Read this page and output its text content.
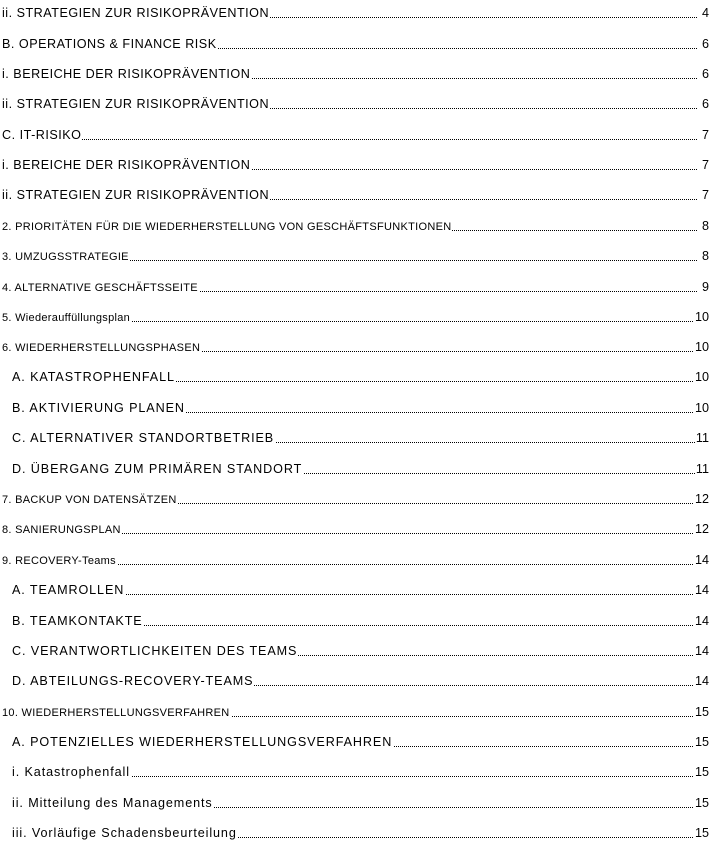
ii. STRATEGIEN ZUR RISIKOPRÄVENTION	4
B. OPERATIONS & FINANCE RISK	6
i. BEREICHE DER RISIKOPRÄVENTION	6
ii. STRATEGIEN ZUR RISIKOPRÄVENTION	6
C. IT-RISIKO	7
i. BEREICHE DER RISIKOPRÄVENTION	7
ii. STRATEGIEN ZUR RISIKOPRÄVENTION	7
2. PRIORITÄTEN FÜR DIE WIEDERHERSTELLUNG VON GESCHÄFTSFUNKTIONEN	8
3. UMZUGSSTRATEGIE	8
4. ALTERNATIVE GESCHÄFTSSEITE	9
5. Wiederauffüllungsplan	10
6. WIEDERHERSTELLUNGSPHASEN	10
A. KATASTROPHENFALL	10
B. AKTIVIERUNG PLANEN	10
C. ALTERNATIVER STANDORTBETRIEB	11
D. ÜBERGANG ZUM PRIMÄREN STANDORT	11
7. BACKUP VON DATENSÄTZEN	12
8. SANIERUNGSPLAN	12
9. RECOVERY-Teams	14
A. TEAMROLLEN	14
B. TEAMKONTAKTE	14
C. VERANTWORTLICHKEITEN DES TEAMS	14
D. ABTEILUNGS-RECOVERY-TEAMS	14
10. WIEDERHERSTELLUNGSVERFAHREN	15
A. POTENZIELLES WIEDERHERSTELLUNGSVERFAHREN	15
i. Katastrophenfall	15
ii. Mitteilung des Managements	15
iii. Vorläufige Schadensbeurteilung	15
